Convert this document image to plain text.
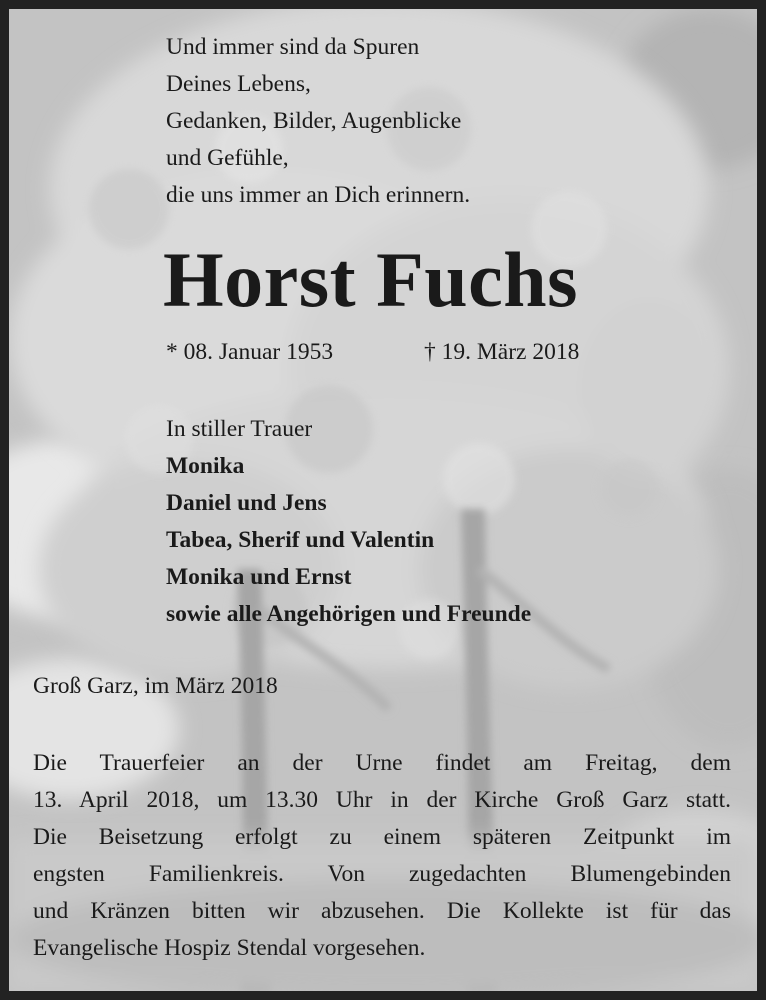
Und immer sind da Spuren
Deines Lebens,
Gedanken, Bilder, Augenblicke
und Gefühle,
die uns immer an Dich erinnern.
Horst Fuchs
* 08. Januar 1953	† 19. März 2018
In stiller Trauer
Monika
Daniel und Jens
Tabea, Sherif und Valentin
Monika und Ernst
sowie alle Angehörigen und Freunde
Groß Garz, im März 2018
Die Trauerfeier an der Urne findet am Freitag, dem
13. April 2018, um 13.30 Uhr in der Kirche Groß Garz statt.
Die Beisetzung erfolgt zu einem späteren Zeitpunkt im
engsten Familienkreis. Von zugedachten Blumengebinden
und Kränzen bitten wir abzusehen. Die Kollekte ist für das
Evangelische Hospiz Stendal vorgesehen.
